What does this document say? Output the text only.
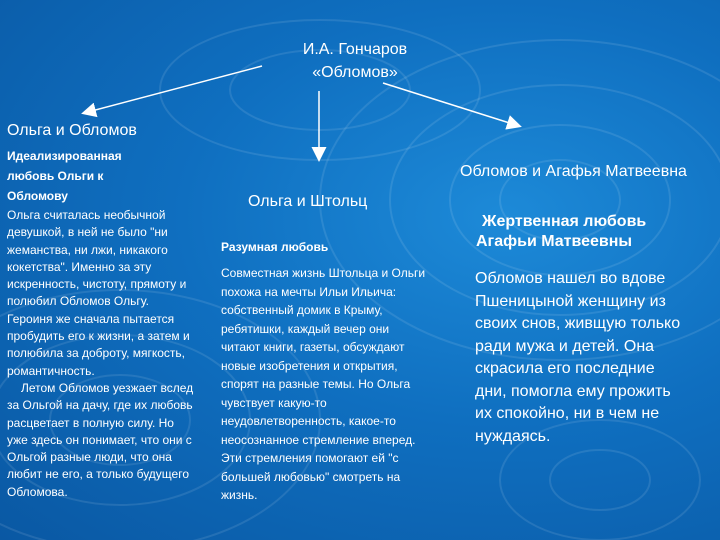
И.А. Гончаров
«Обломов»
Ольга и Обломов
Идеализированная любовь Ольги к Обломову
Ольга считалась необычной девушкой, в ней не было "ни жеманства, ни лжи, никакого кокетства". Именно за эту искренность, чистоту, прямоту и полюбил Обломов Ольгу. Героиня же сначала пытается пробудить его к жизни, а затем и полюбила за доброту, мягкость, романтичность.
Летом Обломов уезжает вслед за Ольгой на дачу, где их любовь расцветает в полную силу. Но уже здесь он понимает, что они с Ольгой разные люди, что она любит не его, а только будущего Обломова.
Ольга и Штольц
Разумная любовь
Совместная жизнь Штольца и Ольги похожа на мечты Ильи Ильича: собственный домик в Крыму, ребятишки, каждый вечер они читают книги, газеты, обсуждают новые изобретения и открытия, спорят на разные темы. Но Ольга чувствует какую-то неудовлетворенность, какое-то неосознанное стремление вперед. Эти стремления помогают ей "с большей любовью" смотреть на жизнь.
Обломов и Агафья Матвеевна
Жертвенная любовь
Агафьи Матвеевны
Обломов нашел во вдове Пшеницыной женщину из своих снов, живщую только ради мужа и детей. Она скрасила его последние дни, помогла ему прожить их спокойно, ни в чем не нуждаясь.
